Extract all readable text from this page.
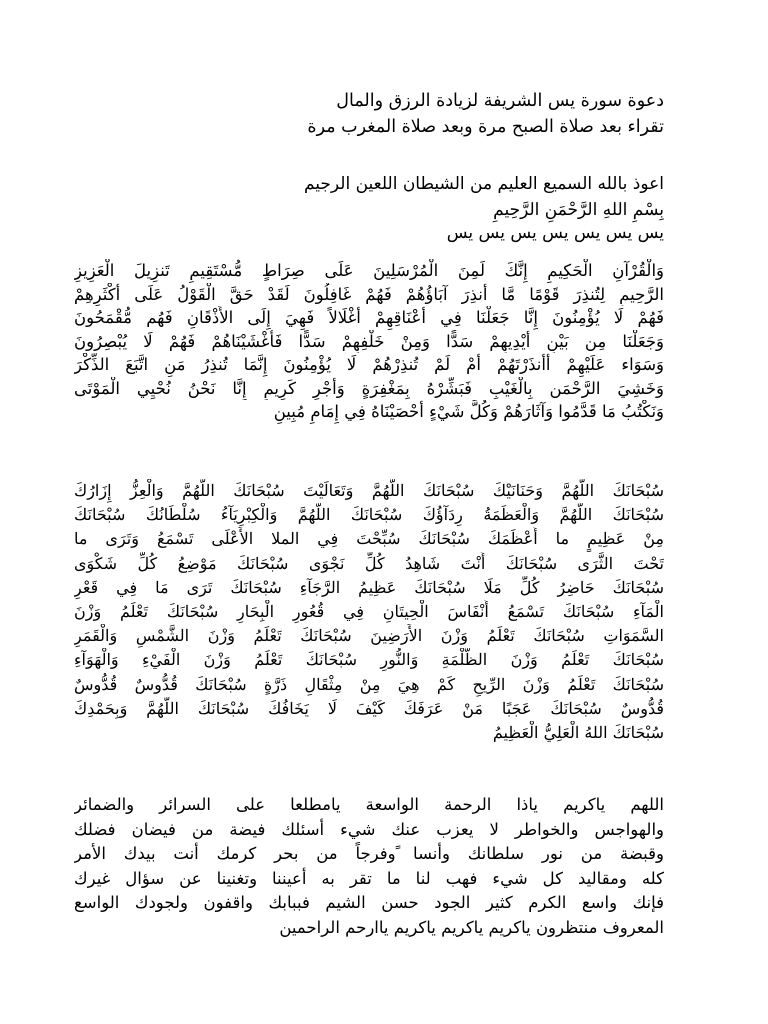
دعوة سورة يس الشريفة لزيادة الرزق والمال
تقراء بعد صلاة الصبح مرة وبعد صلاة المغرب مرة
اعوذ بالله السميع العليم من الشيطان اللعين الرجيم
بِسْمِ اللهِ الرَّحْمَنِ الرَّحِيمِ
يس يس يس يس يس يس يس
وَالْقُرْآنِ الْحَكِيمِ إِنَّكَ لَمِنَ الْمُرْسَلِينَ عَلَى صِرَاطٍ مُّسْتَقِيمٍ تَنزِيلَ الْعَزِيزِ
الرَّحِيمِ لِتُنذِرَ قَوْمًا مَّا أُنذِرَ آبَاؤُهُمْ فَهُمْ غَافِلُونَ لَقَدْ حَقَّ الْقَوْلُ عَلَى أَكْثَرِهِمْ
فَهُمْ لَا يُؤْمِنُونَ إِنَّا جَعَلْنَا فِي أَعْنَاقِهِمْ أَغْلَالاً فَهِيَ إِلَى الأَذْقَانِ فَهُم مُّقْمَحُونَ
وَجَعَلْنَا مِن بَيْنِ أَيْدِيهِمْ سَدًّا وَمِنْ خَلْفِهِمْ سَدًّا فَأَغْشَيْنَاهُمْ فَهُمْ لَا يُبْصِرُونَ
وَسَوَاء عَلَيْهِمْ أَأَنذَرْتَهُمْ أَمْ لَمْ تُنذِرْهُمْ لَا يُؤْمِنُونَ إِنَّمَا تُنذِرُ مَنِ اتَّبَعَ الذِّكْرَ
وَخَشِيَ الرَّحْمَن بِالْغَيْبِ فَبَشِّرْهُ بِمَغْفِرَةٍ وَأَجْرٍ كَرِيمٍ إِنَّا نَحْنُ نُحْيِي الْمَوْتَى
وَنَكْتُبُ مَا قَدَّمُوا وَآثَارَهُمْ وَكُلَّ شَيْءٍ أحْصَيْنَاهُ فِي إِمَامٍ مُبِينٍ
سُبْحَانَكَ اللَّهُمَّ وَحَنَانَيْكَ سُبْحَانَكَ اللَّهُمَّ وَتَعَالَيْتَ سُبْحَانَكَ اللَّهُمَّ وَالْعِزُّ إِزَارُكَ
سُبْحَانَكَ اللَّهُمَّ وَالْعَظَمَةُ رِدَآؤُكَ سُبْحَانَكَ اللَّهُمَّ وَالْكِبْرِيَآءُ سُلْطَانُكَ سُبْحَانَكَ
مِنْ عَظِيمٍ ما أَعْظَمَكَ سُبْحَانَكَ سُبِّحْتَ فِي الملا الأَعْلَى تَسْمَعُ وَتَرَى ما
تَحْتَ الثَّرَى سُبْحَانَكَ أَنْتَ شَاهِدُ كُلِّ نَجْوَى سُبْحَانَكَ مَوْضِعُ كُلِّ شَكْوَى
سُبْحَانَكَ حَاضِرُ كُلِّ مَلَا سُبْحَانَكَ عَظِيمُ الرَّجَآءِ سُبْحَانَكَ تَرَى مَا فِي قَعْرِ
الْمَآءِ سُبْحَانَكَ تَسْمَعُ أَنْفَاسَ الْحِيتَانِ فِي قُعُورِ الْبِحَارِ سُبْحَانَكَ تَعْلَمُ وَزْنَ
السَّمَوَاتِ سُبْحَانَكَ تَعْلَمُ وَزْنَ الأَرَضِينَ سُبْحَانَكَ تَعْلَمُ وَزْنَ الشَّمْسِ وَالْقَمَرِ
سُبْحَانَكَ تَعْلَمُ وَزْنَ الظُّلْمَةِ وَالنُّورِ سُبْحَانَكَ تَعْلَمُ وَزْنَ الْفَيْءِ وَالْهَوَآءِ
سُبْحَانَكَ تَعْلَمُ وَزْنَ الرِّيحِ كَمْ هِيَ مِنْ مِثْقَالِ ذَرَّةٍ سُبْحَانَكَ قُدُّوسٌ قُدُّوسٌ
قُدُّوسٌ سُبْحَانَكَ عَجَبًا مَنْ عَرَفَكَ كَيْفَ لَا يَخَافُكَ سُبْحَانَكَ اللَّهُمَّ وَبِحَمْدِكَ
سُبْحَانَكَ اللهُ الْعَلِيُّ الْعَظِيمُ
اللهم ياكريم ياذا الرحمة الواسعة يامطلعا على السرائر والضمائر
والهواجس والخواطر لا يعزب عنك شيء أسئلك فيضة من فيضان فضلك
وقبضة من نور سلطانك وأنسا ًوفرجاً من بحر كرمك أنت بيدك الأمر
كله ومقاليد كل شيء فهب لنا ما تقر به أعيننا وتغنينا عن سؤال غيرك
فإنك واسع الكرم كثير الجود حسن الشيم فببابك واقفون ولجودك الواسع
المعروف منتظرون ياكريم ياكريم ياكريم ياارحم الراحمين
